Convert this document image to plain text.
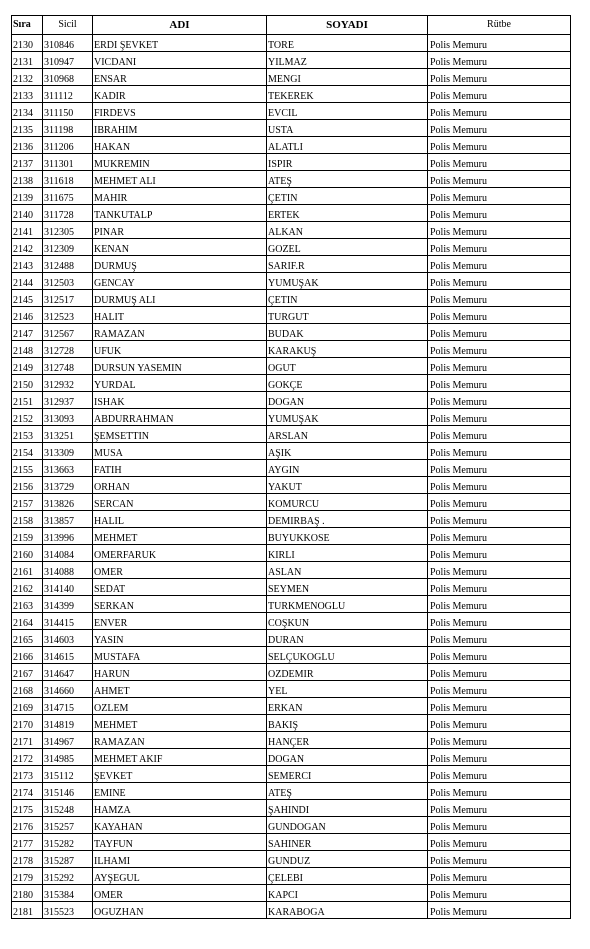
Sıra	Sicil	ADI	SOYADI	Rütbe
2130	310846	ERDI ŞEVKET	TORE	Polis Memuru
2131	310947	VICDANI	YILMAZ	Polis Memuru
2132	310968	ENSAR	MENGI	Polis Memuru
2133	311112	KADIR	TEKEREK	Polis Memuru
2134	311150	FIRDEVS	EVCIL	Polis Memuru
2135	311198	IBRAHIM	USTA	Polis Memuru
2136	311206	HAKAN	ALATLI	Polis Memuru
2137	311301	MUKREMIN	ISPIR	Polis Memuru
2138	311618	MEHMET ALI	ATEŞ	Polis Memuru
2139	311675	MAHIR	ÇETIN	Polis Memuru
2140	311728	TANKUTALP	ERTEK	Polis Memuru
2141	312305	PINAR	ALKAN	Polis Memuru
2142	312309	KENAN	GOZEL	Polis Memuru
2143	312488	DURMUŞ	SARIF.R	Polis Memuru
2144	312503	GENCAY	YUMUŞAK	Polis Memuru
2145	312517	DURMUŞ ALI	ÇETIN	Polis Memuru
2146	312523	HALIT	TURGUT	Polis Memuru
2147	312567	RAMAZAN	BUDAK	Polis Memuru
2148	312728	UFUK	KARAKUŞ	Polis Memuru
2149	312748	DURSUN YASEMIN	OGUT	Polis Memuru
2150	312932	YURDAL	GOKÇE	Polis Memuru
2151	312937	ISHAK	DOGAN	Polis Memuru
2152	313093	ABDURRAHMAN	YUMUŞAK	Polis Memuru
2153	313251	ŞEMSETTIN	ARSLAN	Polis Memuru
2154	313309	MUSA	AŞIK	Polis Memuru
2155	313663	FATIH	AYGIN	Polis Memuru
2156	313729	ORHAN	YAKUT	Polis Memuru
2157	313826	SERCAN	KOMURCU	Polis Memuru
2158	313857	HALIL	DEMIRBAŞ .	Polis Memuru
2159	313996	MEHMET	BUYUKKOSE	Polis Memuru
2160	314084	OMERFARUK	KIRLI	Polis Memuru
2161	314088	OMER	ASLAN	Polis Memuru
2162	314140	SEDAT	SEYMEN	Polis Memuru
2163	314399	SERKAN	TURKMENOGLU	Polis Memuru
2164	314415	ENVER	COŞKUN	Polis Memuru
2165	314603	YASIN	DURAN	Polis Memuru
2166	314615	MUSTAFA	SELÇUKOGLU	Polis Memuru
2167	314647	HARUN	OZDEMIR	Polis Memuru
2168	314660	AHMET	YEL	Polis Memuru
2169	314715	OZLEM	ERKAN	Polis Memuru
2170	314819	MEHMET	BAKIŞ	Polis Memuru
2171	314967	RAMAZAN	HANÇER	Polis Memuru
2172	314985	MEHMET AKIF	DOGAN	Polis Memuru
2173	315112	ŞEVKET	SEMERCI	Polis Memuru
2174	315146	EMINE	ATEŞ	Polis Memuru
2175	315248	HAMZA	ŞAHINDI	Polis Memuru
2176	315257	KAYAHAN	GUNDOGAN	Polis Memuru
2177	315282	TAYFUN	SAHINER	Polis Memuru
2178	315287	ILHAMI	GUNDUZ	Polis Memuru
2179	315292	AYŞEGUL	ÇELEBI	Polis Memuru
2180	315384	OMER	KAPCI	Polis Memuru
2181	315523	OGUZHAN	KARABOGA	Polis Memuru
